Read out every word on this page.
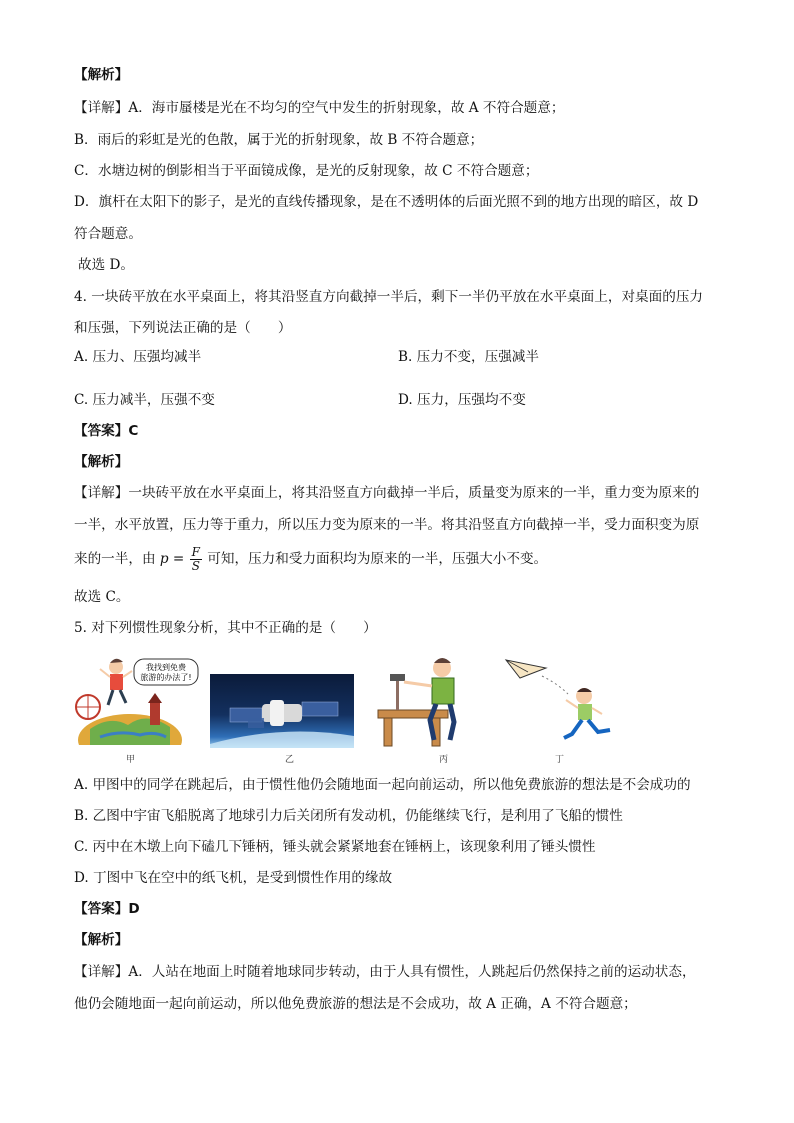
【解析】
【详解】A．海市蜃楼是光在不均匀的空气中发生的折射现象，故 A 不符合题意；
B．雨后的彩虹是光的色散，属于光的折射现象，故 B 不符合题意；
C．水塘边树的倒影相当于平面镜成像，是光的反射现象，故 C 不符合题意；
D．旗杆在太阳下的影子，是光的直线传播现象，是在不透明体的后面光照不到的地方出现的暗区，故 D
符合题意。
故选 D。
4. 一块砖平放在水平桌面上，将其沿竖直方向截掉一半后，剩下一半仍平放在水平桌面上，对桌面的压力
和压强，下列说法正确的是（　　）
A. 压力、压强均减半	B. 压力不变，压强减半
C. 压力减半，压强不变	D. 压力，压强均不变
【答案】C
【解析】
【详解】一块砖平放在水平桌面上，将其沿竖直方向截掉一半后，质量变为原来的一半，重力变为原来的
一半，水平放置，压力等于重力，所以压力变为原来的一半。将其沿竖直方向截掉一半，受力面积变为原
来的一半，由 $p = \frac{F}{S}$ 可知，压力和受力面积均为原来的一半，压强大小不变。
故选 C。
5. 对下列惯性现象分析，其中不正确的是（　　）
我找到免费
旅游的办法了!
甲	乙	丙	丁
A. 甲图中的同学在跳起后，由于惯性他仍会随地面一起向前运动，所以他免费旅游的想法是不会成功的
B. 乙图中宇宙飞船脱离了地球引力后关闭所有发动机，仍能继续飞行，是利用了飞船的惯性
C. 丙中在木墩上向下磕几下锤柄，锤头就会紧紧地套在锤柄上，该现象利用了锤头惯性
D. 丁图中飞在空中的纸飞机，是受到惯性作用的缘故
【答案】D
【解析】
【详解】A．人站在地面上时随着地球同步转动，由于人具有惯性，人跳起后仍然保持之前的运动状态，
他仍会随地面一起向前运动，所以他免费旅游的想法是不会成功，故 A 正确，A 不符合题意；
